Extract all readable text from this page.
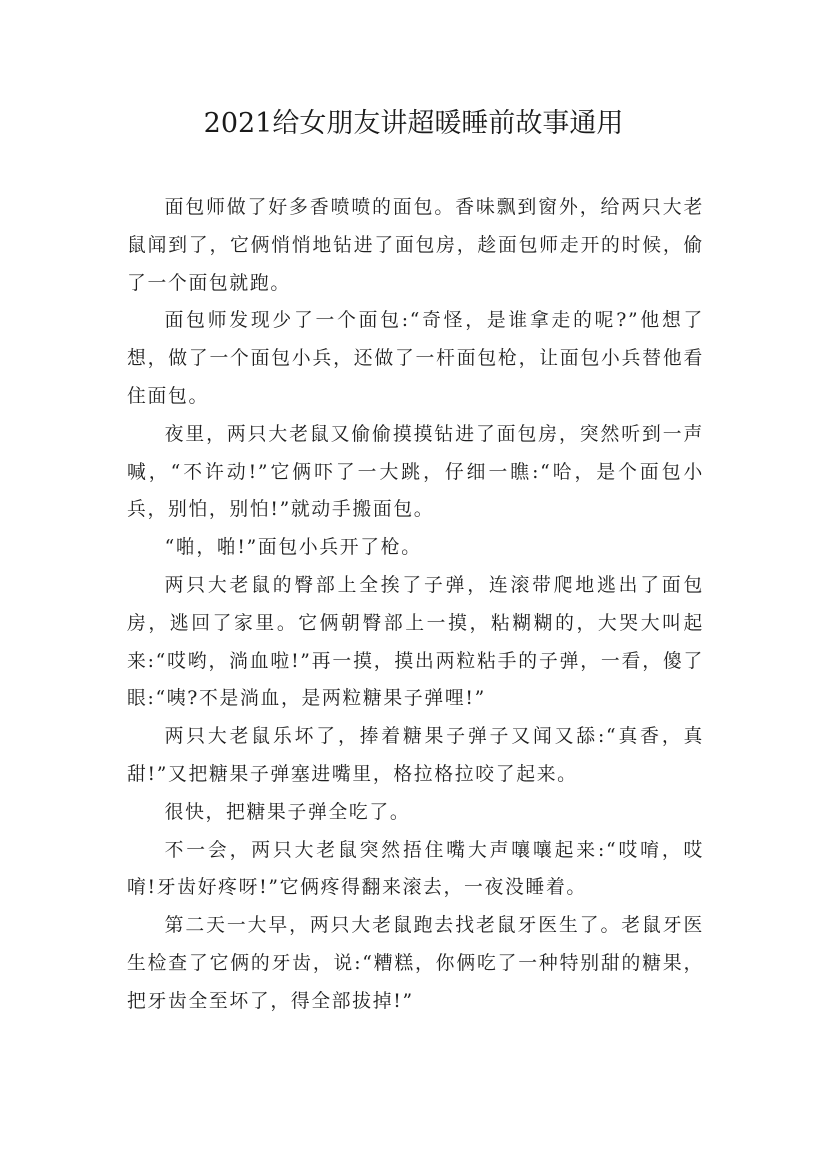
2021给女朋友讲超暖睡前故事通用

面包师做了好多香喷喷的面包。香味飘到窗外，给两只大老鼠闻到了，它俩悄悄地钻进了面包房，趁面包师走开的时候，偷了一个面包就跑。

面包师发现少了一个面包:“奇怪，是谁拿走的呢?”他想了想，做了一个面包小兵，还做了一杆面包枪，让面包小兵替他看住面包。

夜里，两只大老鼠又偷偷摸摸钻进了面包房，突然听到一声喊，“不许动!”它俩吓了一大跳，仔细一瞧:“哈，是个面包小兵，别怕，别怕!”就动手搬面包。

“啪，啪!”面包小兵开了枪。

两只大老鼠的臀部上全挨了子弹，连滚带爬地逃出了面包房，逃回了家里。它俩朝臀部上一摸，粘糊糊的，大哭大叫起来:“哎哟，淌血啦!”再一摸，摸出两粒粘手的子弹，一看，傻了眼:“咦?不是淌血，是两粒糖果子弹哩!”

两只大老鼠乐坏了，捧着糖果子弹子又闻又舔:“真香，真甜!”又把糖果子弹塞进嘴里，格拉格拉咬了起来。

很快，把糖果子弹全吃了。

不一会，两只大老鼠突然捂住嘴大声嚷嚷起来:“哎唷，哎唷!牙齿好疼呀!”它俩疼得翻来滚去，一夜没睡着。

第二天一大早，两只大老鼠跑去找老鼠牙医生了。老鼠牙医生检查了它俩的牙齿，说:“糟糕，你俩吃了一种特别甜的糖果，把牙齿全至坏了，得全部拔掉!”
